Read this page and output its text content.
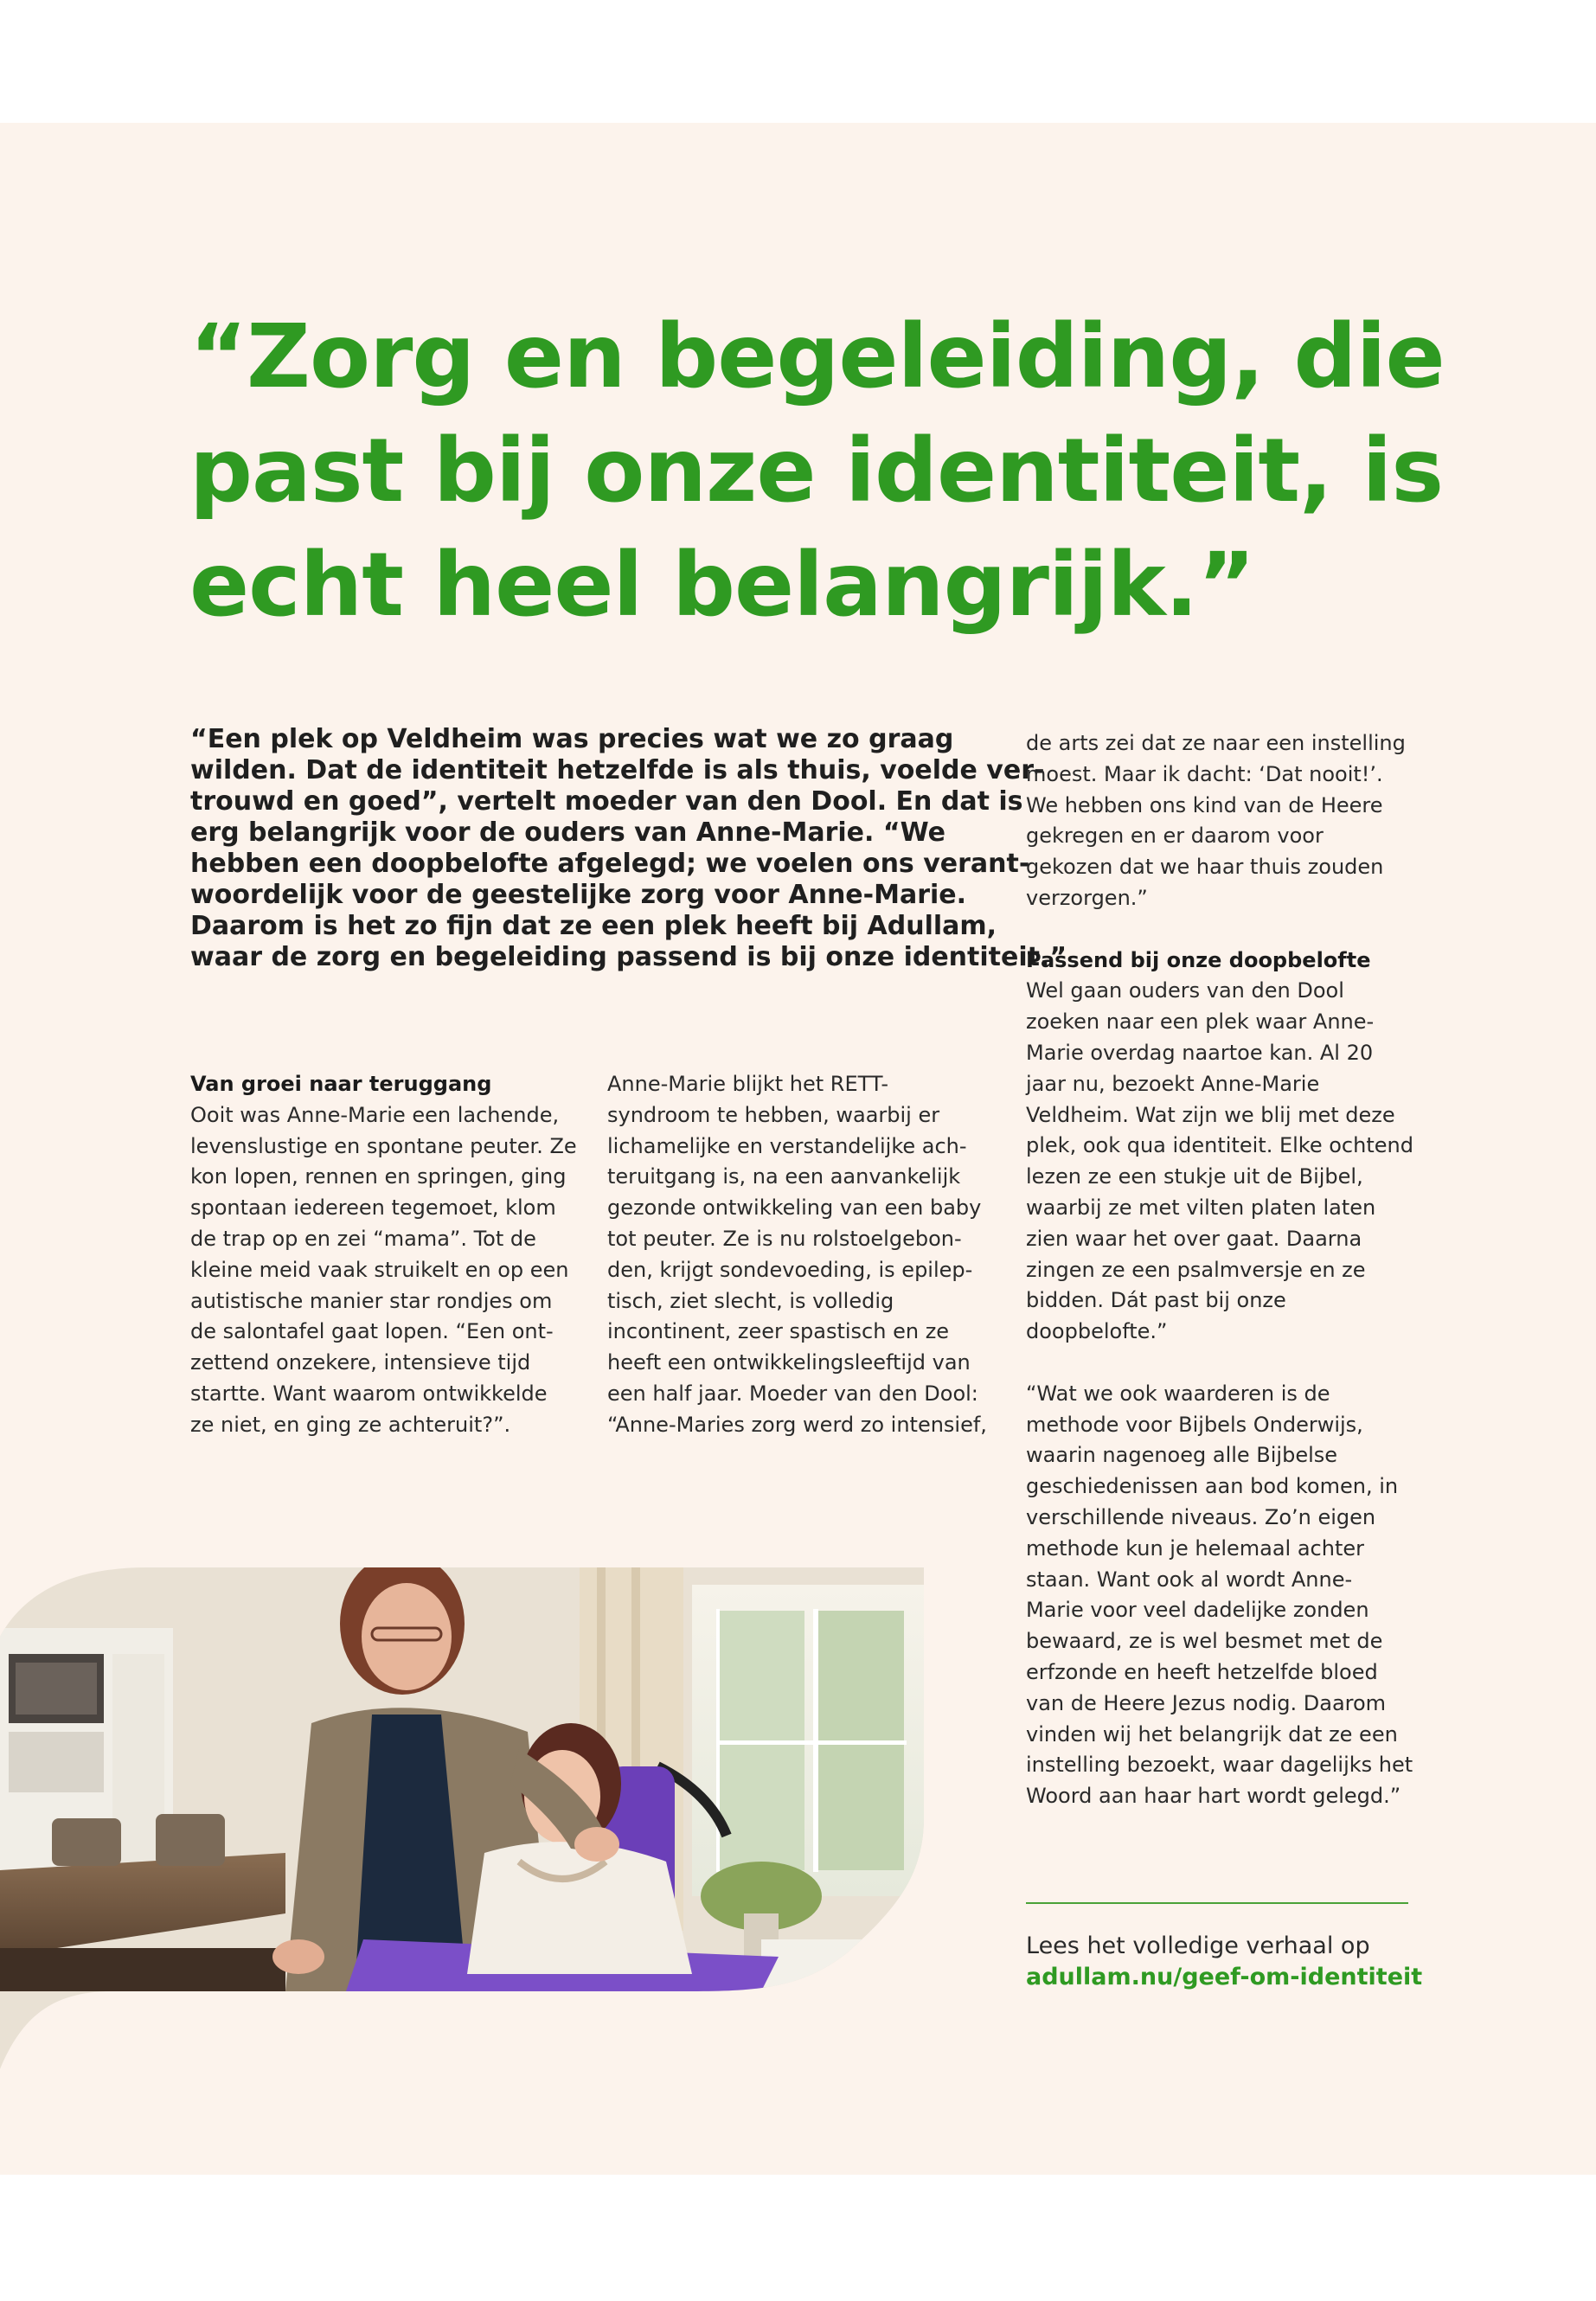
“Zorg en begeleiding, die
past bij onze identiteit, is
echt heel belangrijk.”

“Een plek op Veldheim was precies wat we zo graag
wilden. Dat de identiteit hetzelfde is als thuis, voelde ver-
trouwd en goed”, vertelt moeder van den Dool. En dat is
erg belangrijk voor de ouders van Anne-Marie. “We
hebben een doopbelofte afgelegd; we voelen ons verant-
woordelijk voor de geestelijke zorg voor Anne-Marie.
Daarom is het zo fijn dat ze een plek heeft bij Adullam,
waar de zorg en begeleiding passend is bij onze identiteit.”

Van groei naar teruggang
Ooit was Anne-Marie een lachende,
levenslustige en spontane peuter. Ze
kon lopen, rennen en springen, ging
spontaan iedereen tegemoet, klom
de trap op en zei “mama”. Tot de
kleine meid vaak struikelt en op een
autistische manier star rondjes om
de salontafel gaat lopen. “Een ont-
zettend onzekere, intensieve tijd
startte. Want waarom ontwikkelde
ze niet, en ging ze achteruit?”.
Anne-Marie blijkt het RETT-
syndroom te hebben, waarbij er
lichamelijke en verstandelijke ach-
teruitgang is, na een aanvankelijk
gezonde ontwikkeling van een baby
tot peuter. Ze is nu rolstoelgebon-
den, krijgt sondevoeding, is epilep-
tisch, ziet slecht, is volledig
incontinent, zeer spastisch en ze
heeft een ontwikkelingsleeftijd van
een half jaar. Moeder van den Dool:
“Anne-Maries zorg werd zo intensief,
de arts zei dat ze naar een instelling
moest. Maar ik dacht: ‘Dat nooit!’.
We hebben ons kind van de Heere
gekregen en er daarom voor
gekozen dat we haar thuis zouden
verzorgen.”
Passend bij onze doopbelofte
Wel gaan ouders van den Dool
zoeken naar een plek waar Anne-
Marie overdag naartoe kan. Al 20
jaar nu, bezoekt Anne-Marie
Veldheim. Wat zijn we blij met deze
plek, ook qua identiteit. Elke ochtend
lezen ze een stukje uit de Bijbel,
waarbij ze met vilten platen laten
zien waar het over gaat. Daarna
zingen ze een psalmversje en ze
bidden. Dát past bij onze
doopbelofte.”
“Wat we ook waarderen is de
methode voor Bijbels Onderwijs,
waarin nagenoeg alle Bijbelse
geschiedenissen aan bod komen, in
verschillende niveaus. Zo’n eigen
methode kun je helemaal achter
staan. Want ook al wordt Anne-
Marie voor veel dadelijke zonden
bewaard, ze is wel besmet met de
erfzonde en heeft hetzelfde bloed
van de Heere Jezus nodig. Daarom
vinden wij het belangrijk dat ze een
instelling bezoekt, waar dagelijks het
Woord aan haar hart wordt gelegd.”
Lees het volledige verhaal op
adullam.nu/geef-om-identiteit
